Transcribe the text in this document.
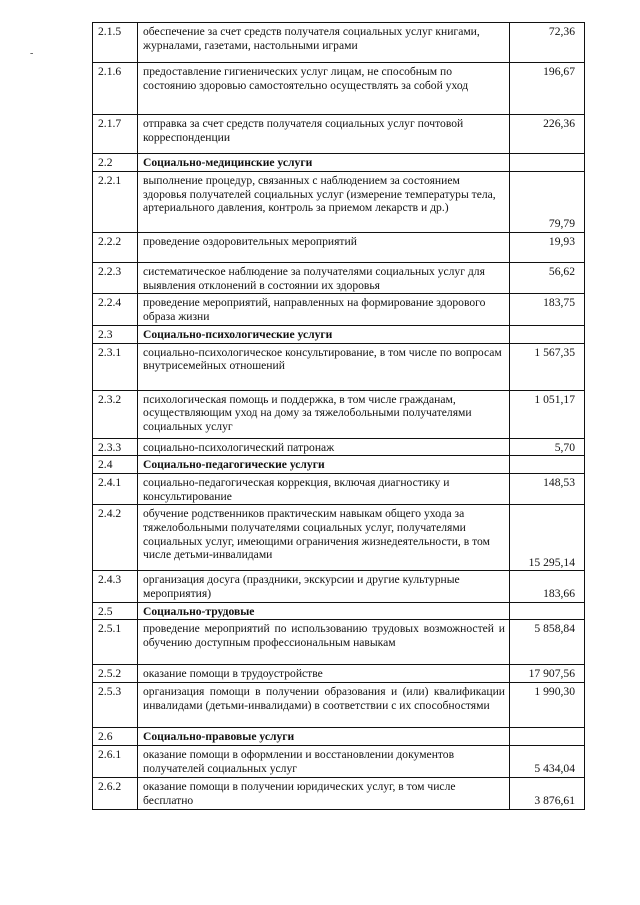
-
2.1.5	обеспечение за счет средств получателя социальных услуг книгами, журналами, газетами, настольными играми	72,36
2.1.6	предоставление гигиенических услуг лицам, не способным по состоянию здоровью самостоятельно осуществлять за собой уход	196,67
2.1.7	отправка за счет средств получателя социальных услуг почтовой корреспонденции	226,36
2.2	Социально-медицинские услуги	
2.2.1	выполнение процедур, связанных с наблюдением за состоянием здоровья получателей социальных услуг (измерение температуры тела, артериального давления, контроль за приемом лекарств и др.)	79,79
2.2.2	проведение оздоровительных мероприятий	19,93
2.2.3	систематическое наблюдение за получателями социальных услуг для выявления отклонений в состоянии их здоровья	56,62
2.2.4	проведение мероприятий, направленных на формирование здорового образа жизни	183,75
2.3	Социально-психологические услуги	
2.3.1	социально-психологическое консультирование, в том числе по вопросам внутрисемейных отношений	1 567,35
2.3.2	психологическая помощь и поддержка, в том числе гражданам, осуществляющим уход на дому за тяжелобольными получателями социальных услуг	1 051,17
2.3.3	социально-психологический патронаж	5,70
2.4	Социально-педагогические услуги	
2.4.1	социально-педагогическая коррекция, включая диагностику и консультирование	148,53
2.4.2	обучение родственников практическим навыкам общего ухода за тяжелобольными получателями социальных услуг, получателями социальных услуг, имеющими ограничения жизнедеятельности, в том числе детьми-инвалидами	15 295,14
2.4.3	организация досуга (праздники, экскурсии и другие культурные мероприятия)	183,66
2.5	Социально-трудовые	
2.5.1	проведение мероприятий по использованию трудовых возможностей и обучению доступным профессиональным навыкам	5 858,84
2.5.2	оказание помощи в трудоустройстве	17 907,56
2.5.3	организация помощи в получении образования и (или) квалификации инвалидами (детьми-инвалидами) в соответствии с их способностями	1 990,30
2.6	Социально-правовые услуги	
2.6.1	оказание помощи в оформлении и восстановлении документов получателей социальных услуг	5 434,04
2.6.2	оказание помощи в получении юридических услуг, в том числе бесплатно	3 876,61
